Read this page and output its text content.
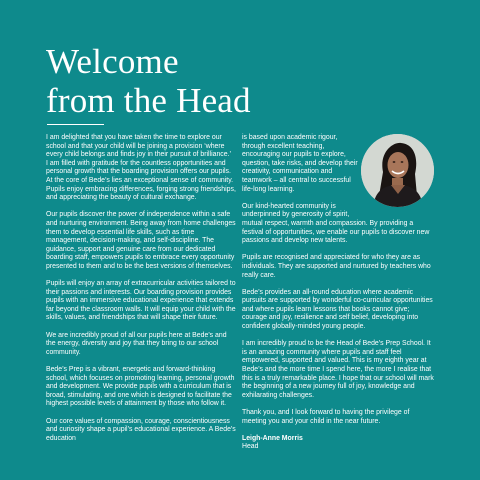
Welcome
from the Head

I am delighted that you have taken the time to explore our school and that your child will be joining a provision ‘where every child belongs and finds joy in their pursuit of brilliance.’

I am filled with gratitude for the countless opportunities and personal growth that the boarding provision offers our pupils. At the core of Bede’s lies an exceptional sense of community. Pupils enjoy embracing differences, forging strong friendships, and appreciating the beauty of cultural exchange.

Our pupils discover the power of independence within a safe and nurturing environment. Being away from home challenges them to develop essential life skills, such as time management, decision-making, and self-discipline. The guidance, support and genuine care from our dedicated boarding staff, empowers pupils to embrace every opportunity presented to them and to be the best versions of themselves.

Pupils will enjoy an array of extracurricular activities tailored to their passions and interests. Our boarding provision provides pupils with an immersive educational experience that extends far beyond the classroom walls. It will equip your child with the skills, values, and friendships that will shape their future.

We are incredibly proud of all our pupils here at Bede’s and the energy, diversity and joy that they bring to our school community.

Bede’s Prep is a vibrant, energetic and forward-thinking school, which focuses on promoting learning, personal growth and development. We provide pupils with a curriculum that is broad, stimulating, and one which is designed to facilitate the highest possible levels of attainment by those who follow it.

Our core values of compassion, courage, conscientiousness and curiosity shape a pupil’s educational experience. A Bede’s education

is based upon academic rigour, through excellent teaching, encouraging our pupils to explore, question, take risks, and develop their creativity, communication and teamwork – all central to successful life-long learning.

Our kind-hearted community is underpinned by generosity of spirit,
mutual respect, warmth and compassion. By providing a festival of opportunities, we enable our pupils to discover new passions and develop new talents.

Pupils are recognised and appreciated for who they are as individuals. They are supported and nurtured by teachers who really care.

Bede’s provides an all-round education where academic pursuits are supported by wonderful co-curricular opportunities and where pupils learn lessons that books cannot give; courage and joy, resilience and self belief, developing into confident globally-minded young people.

I am incredibly proud to be the Head of Bede’s Prep School. It is an amazing community where pupils and staff feel empowered, supported and valued. This is my eighth year at Bede’s and the more time I spend here, the more I realise that this is a truly remarkable place. I hope that our school will mark the beginning of a new journey full of joy, knowledge and exhilarating challenges.

Thank you, and I look forward to having the privilege of meeting you and your child in the near future.

Leigh-Anne Morris
Head
